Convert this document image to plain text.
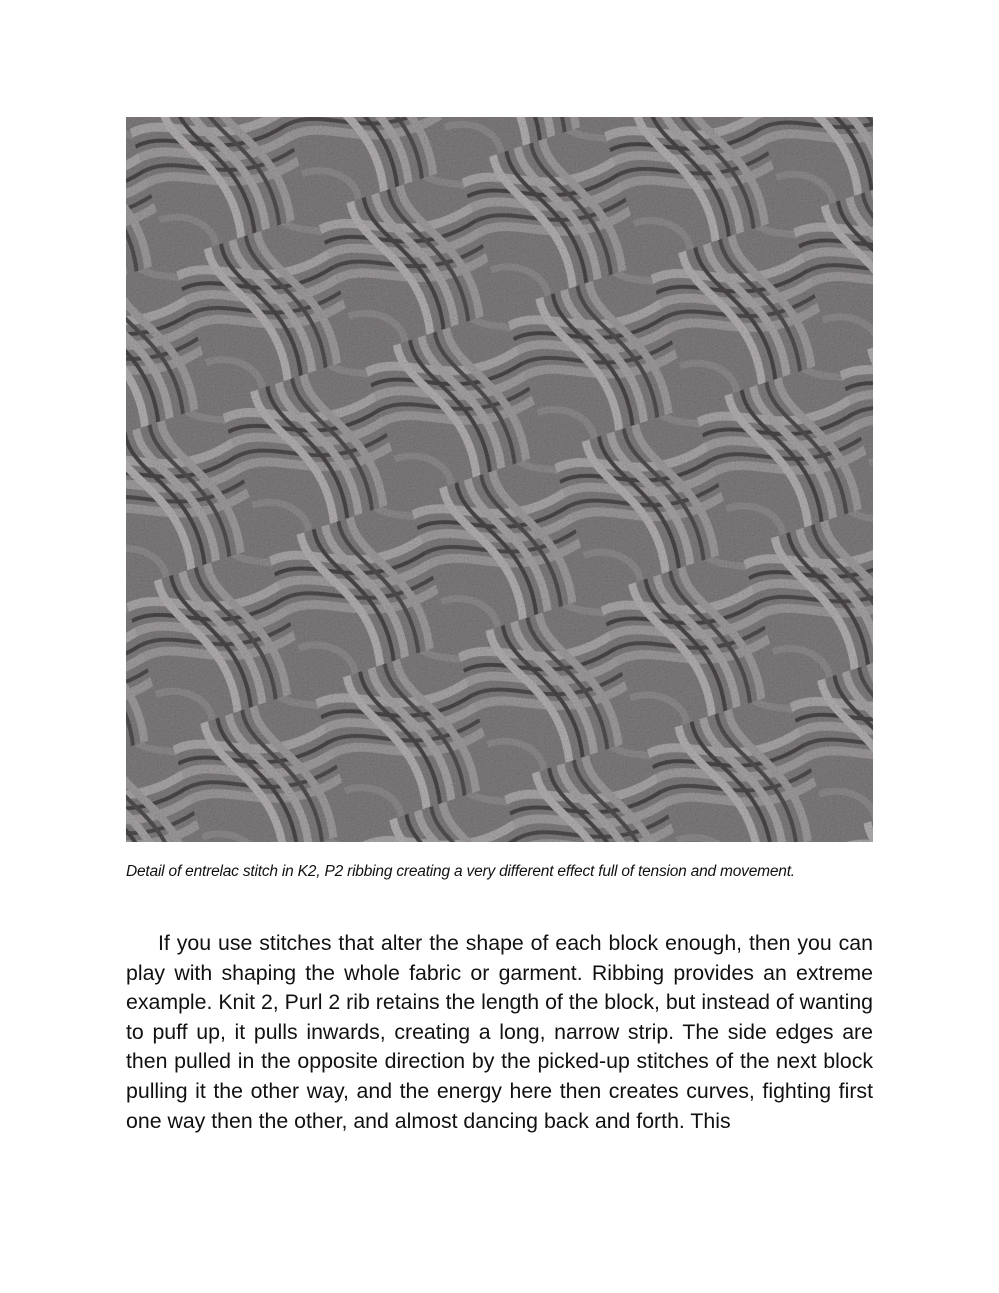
Detail of entrelac stitch in K2, P2 ribbing creating a very different effect full of tension and movement.

If you use stitches that alter the shape of each block enough, then you can play with shaping the whole fabric or garment. Ribbing provides an extreme example. Knit 2, Purl 2 rib retains the length of the block, but instead of wanting to puff up, it pulls inwards, creating a long, narrow strip. The side edges are then pulled in the opposite direction by the picked-up stitches of the next block pulling it the other way, and the energy here then creates curves, fighting first one way then the other, and almost dancing back and forth. This
